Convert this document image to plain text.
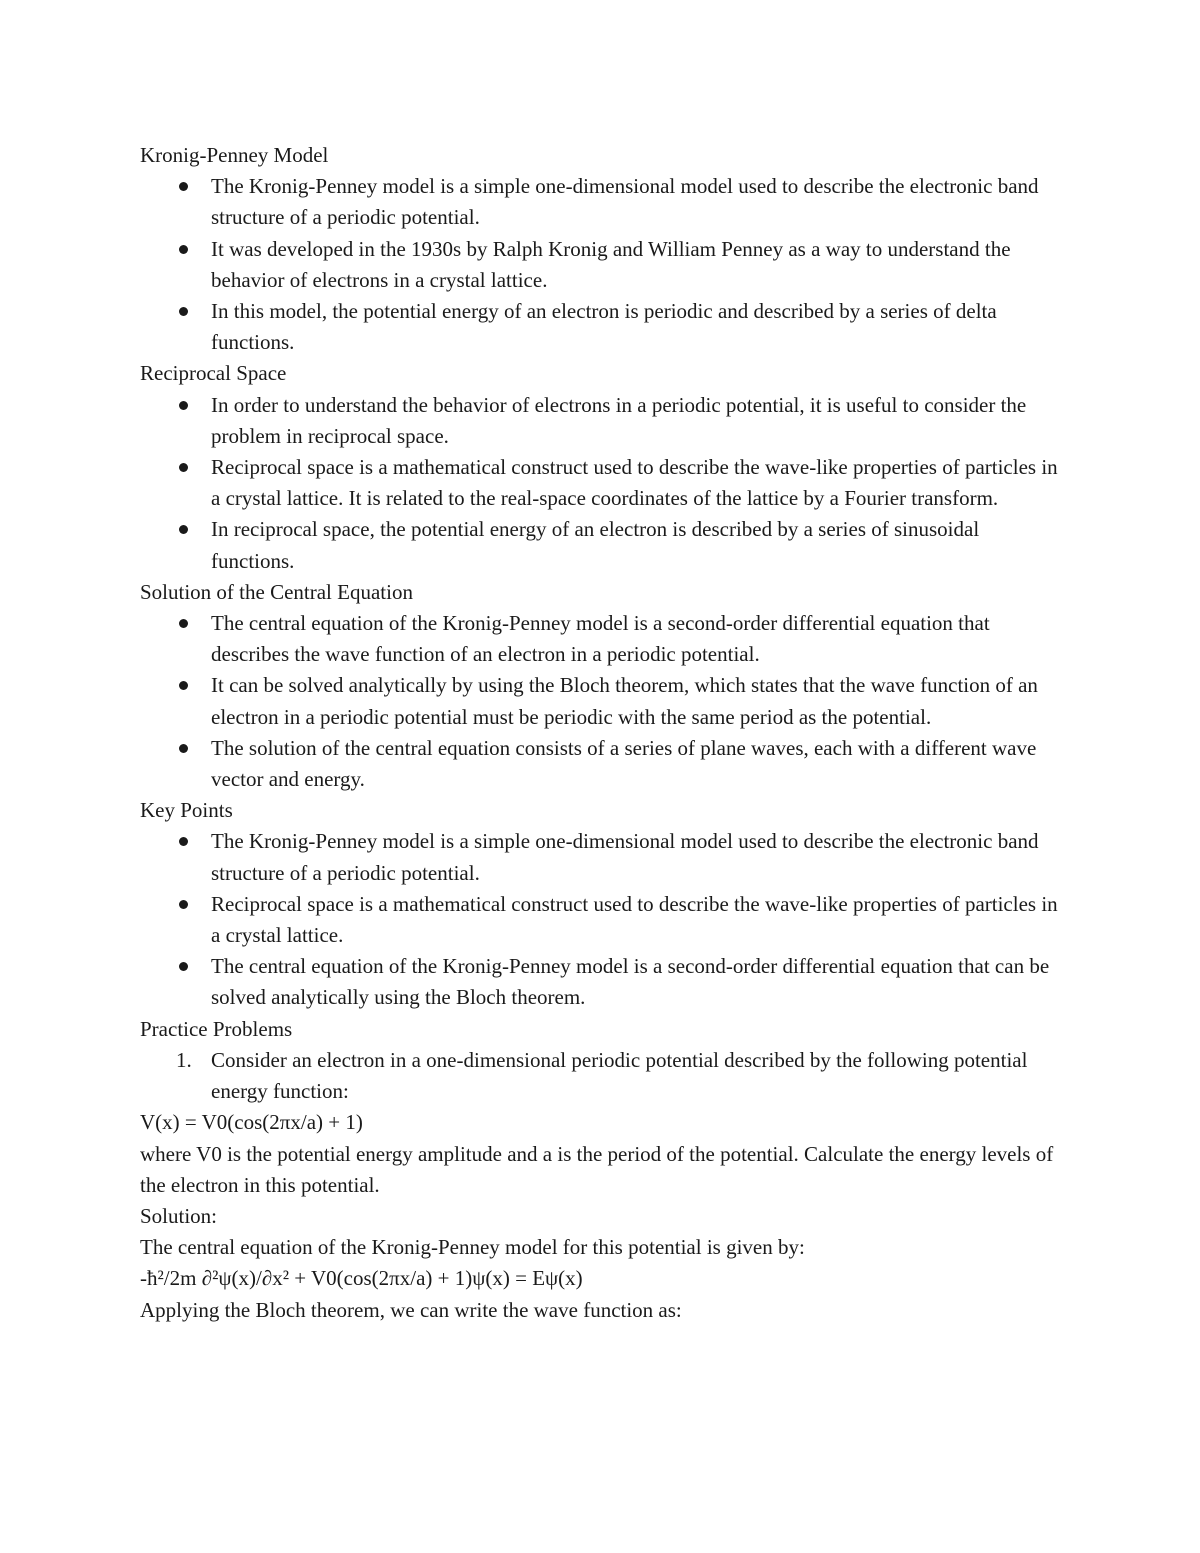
Kronig-Penney Model

The Kronig-Penney model is a simple one-dimensional model used to describe the electronic band structure of a periodic potential.
It was developed in the 1930s by Ralph Kronig and William Penney as a way to understand the behavior of electrons in a crystal lattice.
In this model, the potential energy of an electron is periodic and described by a series of delta functions.

Reciprocal Space

In order to understand the behavior of electrons in a periodic potential, it is useful to consider the problem in reciprocal space.
Reciprocal space is a mathematical construct used to describe the wave-like properties of particles in a crystal lattice. It is related to the real-space coordinates of the lattice by a Fourier transform.
In reciprocal space, the potential energy of an electron is described by a series of sinusoidal functions.

Solution of the Central Equation

The central equation of the Kronig-Penney model is a second-order differential equation that describes the wave function of an electron in a periodic potential.
It can be solved analytically by using the Bloch theorem, which states that the wave function of an electron in a periodic potential must be periodic with the same period as the potential.
The solution of the central equation consists of a series of plane waves, each with a different wave vector and energy.

Key Points

The Kronig-Penney model is a simple one-dimensional model used to describe the electronic band structure of a periodic potential.
Reciprocal space is a mathematical construct used to describe the wave-like properties of particles in a crystal lattice.
The central equation of the Kronig-Penney model is a second-order differential equation that can be solved analytically using the Bloch theorem.

Practice Problems

1. Consider an electron in a one-dimensional periodic potential described by the following potential energy function:

V(x) = V0(cos(2πx/a) + 1)

where V0 is the potential energy amplitude and a is the period of the potential. Calculate the energy levels of the electron in this potential.

Solution:

The central equation of the Kronig-Penney model for this potential is given by:

-ħ²/2m ∂²ψ(x)/∂x² + V0(cos(2πx/a) + 1)ψ(x) = Eψ(x)

Applying the Bloch theorem, we can write the wave function as:
